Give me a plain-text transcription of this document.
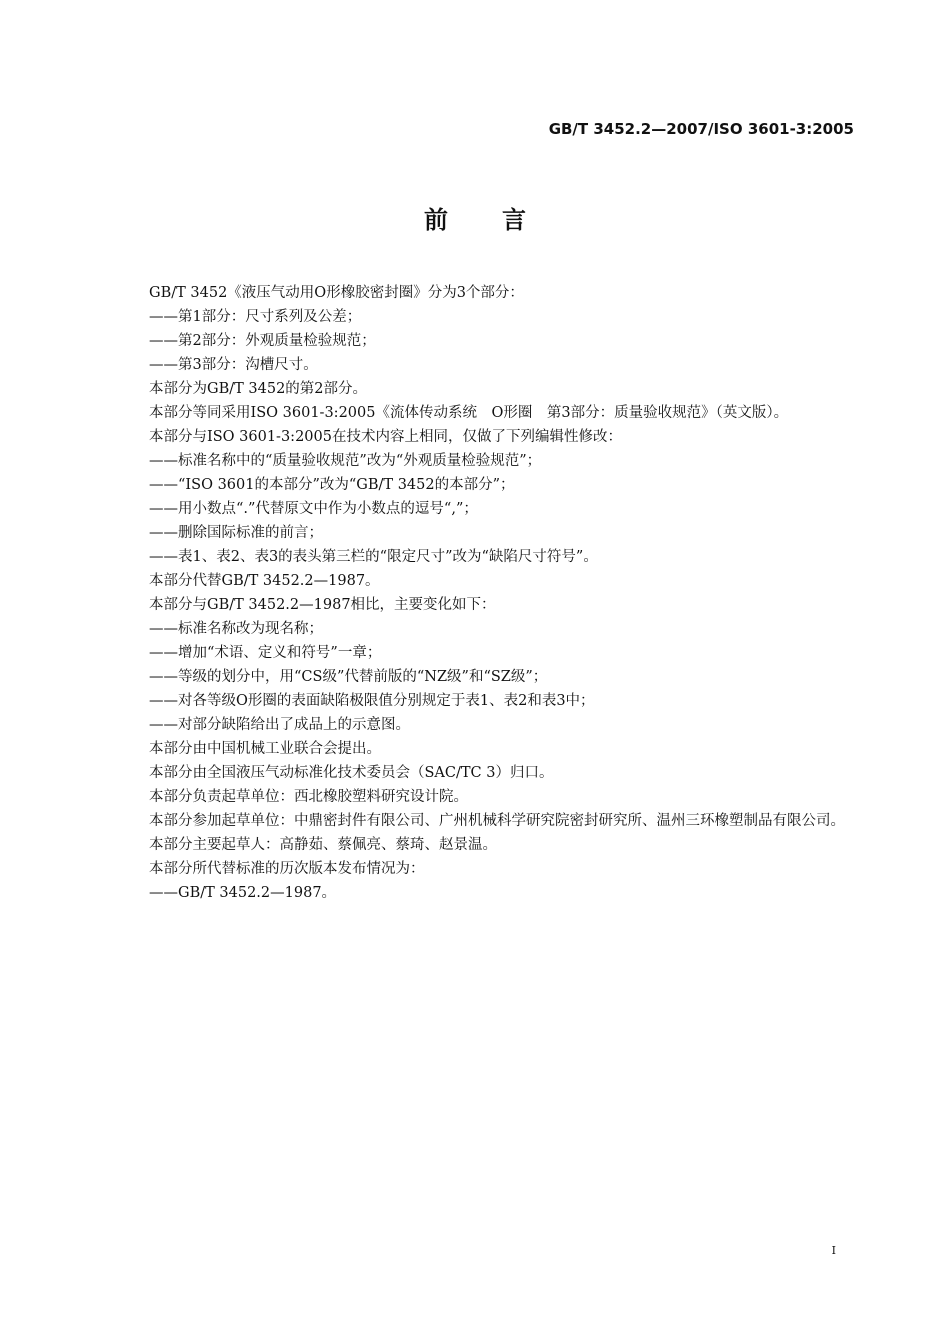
GB/T 3452.2—2007/ISO 3601-3:2005
前言

GB/T 3452《液压气动用O形橡胶密封圈》分为3个部分：

——第1部分：尺寸系列及公差；

——第2部分：外观质量检验规范；

——第3部分：沟槽尺寸。

本部分为GB/T 3452的第2部分。

本部分等同采用ISO 3601-3:2005《流体传动系统　O形圈　第3部分：质量验收规范》（英文版）。

本部分与ISO 3601-3:2005在技术内容上相同，仅做了下列编辑性修改：

——标准名称中的“质量验收规范”改为“外观质量检验规范”；

——“ISO 3601的本部分”改为“GB/T 3452的本部分”；

——用小数点“.”代替原文中作为小数点的逗号“,”；

——删除国际标准的前言；

——表1、表2、表3的表头第三栏的“限定尺寸”改为“缺陷尺寸符号”。

本部分代替GB/T 3452.2—1987。

本部分与GB/T 3452.2—1987相比，主要变化如下：

——标准名称改为现名称；

——增加“术语、定义和符号”一章；

——等级的划分中，用“CS级”代替前版的“NZ级”和“SZ级”；

——对各等级O形圈的表面缺陷极限值分别规定于表1、表2和表3中；

——对部分缺陷给出了成品上的示意图。

本部分由中国机械工业联合会提出。

本部分由全国液压气动标准化技术委员会（SAC/TC 3）归口。

本部分负责起草单位：西北橡胶塑料研究设计院。

本部分参加起草单位：中鼎密封件有限公司、广州机械科学研究院密封研究所、温州三环橡塑制品有限公司。

本部分主要起草人：高静茹、蔡佩亮、蔡琦、赵景温。

本部分所代替标准的历次版本发布情况为：

——GB/T 3452.2—1987。

I
